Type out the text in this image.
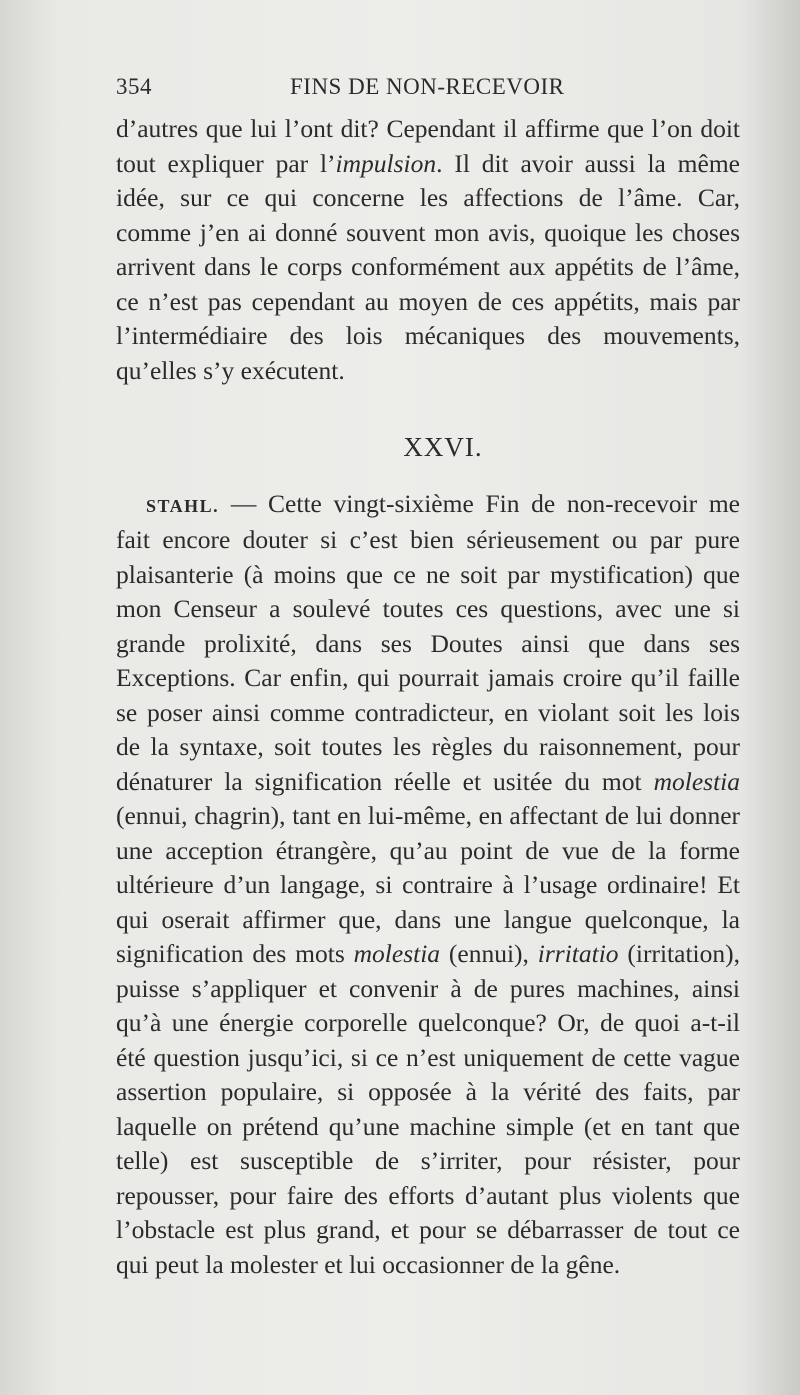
354	FINS DE NON-RECEVOIR

d’autres que lui l’ont dit? Cependant il affirme que l’on doit tout expliquer par l’impulsion. Il dit avoir aussi la même idée, sur ce qui concerne les affections de l’âme. Car, comme j’en ai donné souvent mon avis, quoique les choses arrivent dans le corps conformément aux appétits de l’âme, ce n’est pas cependant au moyen de ces appétits, mais par l’intermédiaire des lois mécaniques des mouvements, qu’elles s’y exécutent.

XXVI.

STAHL. — Cette vingt-sixième Fin de non-recevoir me fait encore douter si c’est bien sérieusement ou par pure plaisanterie (à moins que ce ne soit par mystification) que mon Censeur a soulevé toutes ces questions, avec une si grande prolixité, dans ses Doutes ainsi que dans ses Exceptions. Car enfin, qui pourrait jamais croire qu’il faille se poser ainsi comme contradicteur, en violant soit les lois de la syntaxe, soit toutes les règles du raisonnement, pour dénaturer la signification réelle et usitée du mot molestia (ennui, chagrin), tant en lui-même, en affectant de lui donner une acception étrangère, qu’au point de vue de la forme ultérieure d’un langage, si contraire à l’usage ordinaire! Et qui oserait affirmer que, dans une langue quelconque, la signification des mots molestia (ennui), irritatio (irritation), puisse s’appliquer et convenir à de pures machines, ainsi qu’à une énergie corporelle quelconque? Or, de quoi a-t-il été question jusqu’ici, si ce n’est uniquement de cette vague assertion populaire, si opposée à la vérité des faits, par laquelle on prétend qu’une machine simple (et en tant que telle) est susceptible de s’irriter, pour résister, pour repousser, pour faire des efforts d’autant plus violents que l’obstacle est plus grand, et pour se débarrasser de tout ce qui peut la molester et lui occasionner de la gêne.
